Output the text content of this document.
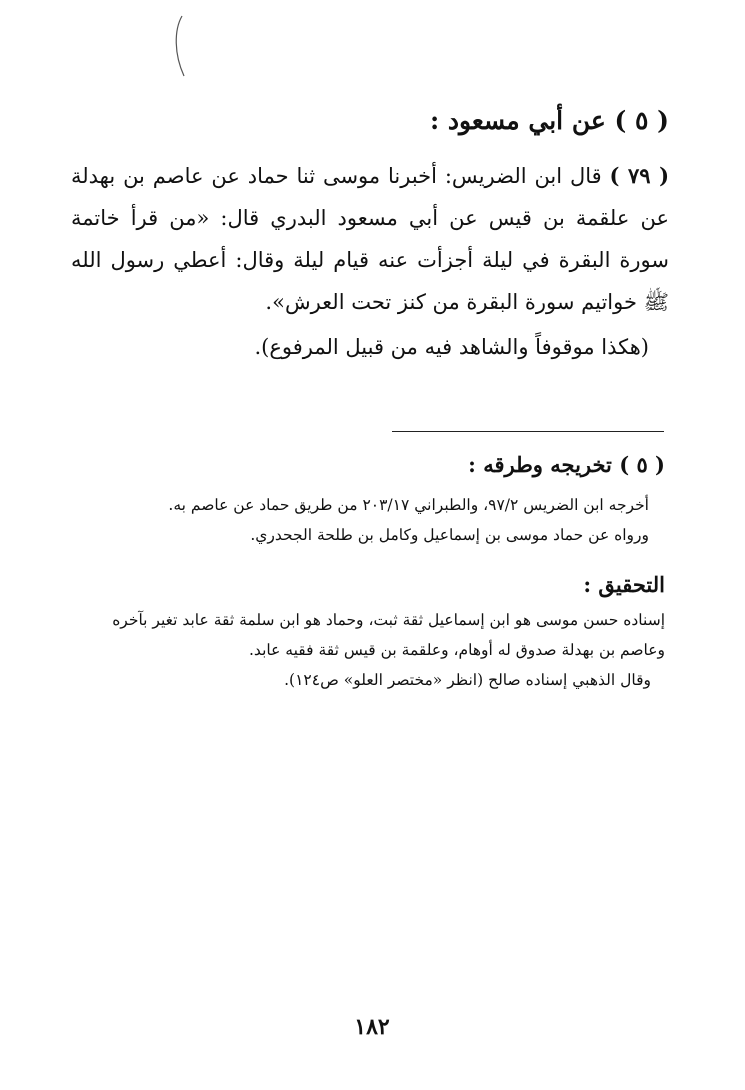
( ٥ ) عن أبي مسعود :
( ٧٩ ) قال ابن الضريس: أخبرنا موسى ثنا حماد عن عاصم بن بهدلة عن علقمة بن قيس عن أبي مسعود البدري قال: «من قرأ خاتمة سورة البقرة في ليلة أجزأت عنه قيام ليلة وقال: أعطي رسول الله ﷺ خواتيم سورة البقرة من كنز تحت العرش».
(هكذا موقوفاً والشاهد فيه من قبيل المرفوع).
( ٥ ) تخريجه وطرقه :
أخرجه ابن الضريس ٩٧/٢، والطبراني ٢٠٣/١٧ من طريق حماد عن عاصم به.
ورواه عن حماد موسى بن إسماعيل وكامل بن طلحة الجحدري.
التحقيق :
إسناده حسن موسى هو ابن إسماعيل ثقة ثبت، وحماد هو ابن سلمة ثقة عابد تغير بآخره
وعاصم بن بهدلة صدوق له أوهام، وعلقمة بن قيس ثقة فقيه عابد.
وقال الذهبي إسناده صالح (انظر «مختصر العلو» ص١٢٤).
١٨٢
